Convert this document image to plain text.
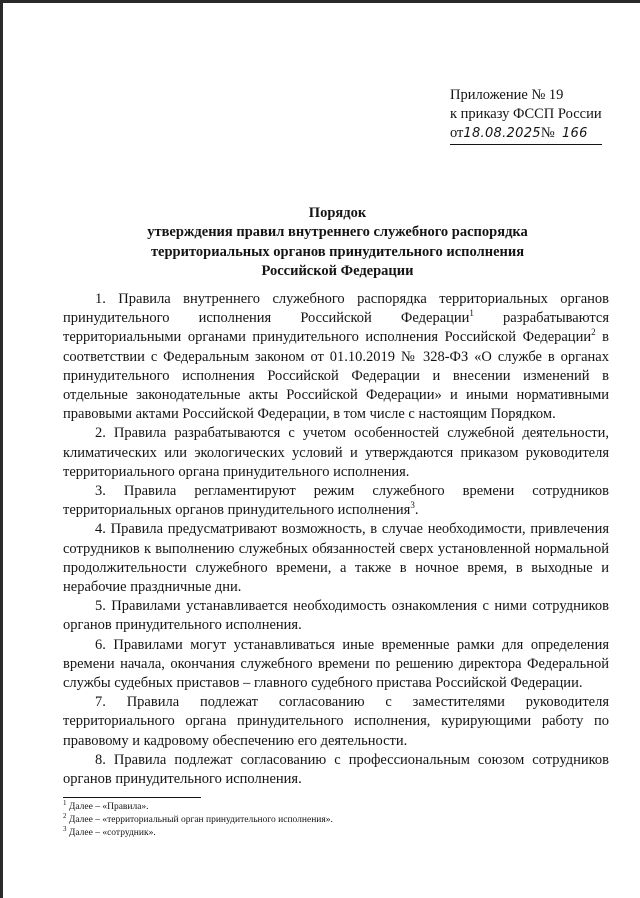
Приложение № 19
к приказу ФССП России
от18.08.2025№ 166
Порядок
утверждения правил внутреннего служебного распорядка
территориальных органов принудительного исполнения
Российской Федерации

1. Правила внутреннего служебного распорядка территориальных органов принудительного исполнения Российской Федерации$^1$ разрабатываются территориальными органами принудительного исполнения Российской Федерации$^2$ в соответствии с Федеральным законом от 01.10.2019 № 328-ФЗ «О службе в органах принудительного исполнения Российской Федерации и внесении изменений в отдельные законодательные акты Российской Федерации» и иными нормативными правовыми актами Российской Федерации, в том числе с настоящим Порядком.

2. Правила разрабатываются с учетом особенностей служебной деятельности, климатических или экологических условий и утверждаются приказом руководителя территориального органа принудительного исполнения.

3. Правила регламентируют режим служебного времени сотрудников территориальных органов принудительного исполнения$^3$.

4. Правила предусматривают возможность, в случае необходимости, привлечения сотрудников к выполнению служебных обязанностей сверх установленной нормальной продолжительности служебного времени, а также в ночное время, в выходные и нерабочие праздничные дни.

5. Правилами устанавливается необходимость ознакомления с ними сотрудников органов принудительного исполнения.

6. Правилами могут устанавливаться иные временные рамки для определения времени начала, окончания служебного времени по решению директора Федеральной службы судебных приставов – главного судебного пристава Российской Федерации.

7. Правила подлежат согласованию с заместителями руководителя территориального органа принудительного исполнения, курирующими работу по правовому и кадровому обеспечению его деятельности.

8. Правила подлежат согласованию с профессиональным союзом сотрудников органов принудительного исполнения.

$^1$ Далее – «Правила».
$^2$ Далее – «территориальный орган принудительного исполнения».
$^3$ Далее – «сотрудник».
